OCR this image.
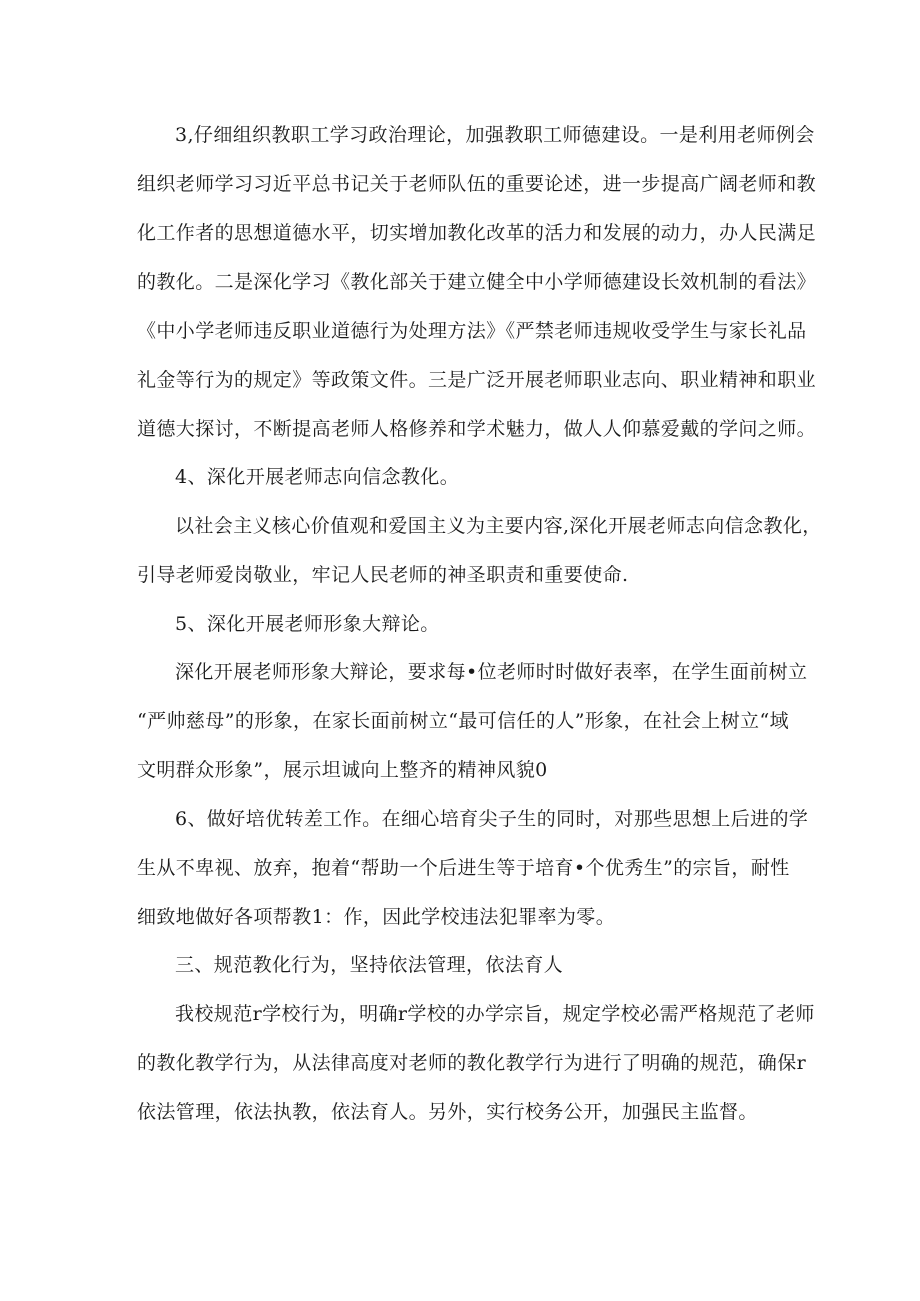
3,仔细组织教职工学习政治理论，加强教职工师德建设。一是利用老师例会

组织老师学习习近平总书记关于老师队伍的重要论述，进一步提高广阔老师和教

化工作者的思想道德水平，切实增加教化改革的活力和发展的动力，办人民满足

的教化。二是深化学习《教化部关于建立健全中小学师德建设长效机制的看法》

《中小学老师违反职业道德行为处理方法》《严禁老师违规收受学生与家长礼品

礼金等行为的规定》等政策文件。三是广泛开展老师职业志向、职业精神和职业

道德大探讨，不断提高老师人格修养和学术魅力，做人人仰慕爱戴的学问之师。

4、深化开展老师志向信念教化。

以社会主义核心价值观和爱国主义为主要内容,深化开展老师志向信念教化，

引导老师爱岗敬业，牢记人民老师的神圣职责和重要使命.

5、深化开展老师形象大辩论。

深化开展老师形象大辩论，要求每•位老师时时做好表率，在学生面前树立

“严帅慈母”的形象，在家长面前树立“最可信任的人”形象，在社会上树立“域

文明群众形象”，展示坦诚向上整齐的精神风貌0

6、做好培优转差工作。在细心培育尖子生的同时，对那些思想上后进的学

生从不卑视、放弃，抱着“帮助一个后进生等于培育•个优秀生”的宗旨，耐性

细致地做好各项帮教1：作，因此学校违法犯罪率为零。

三、规范教化行为，坚持依法管理，依法育人

我校规范r学校行为，明确r学校的办学宗旨，规定学校必需严格规范了老师

的教化教学行为，从法律高度对老师的教化教学行为进行了明确的规范，确保r

依法管理，依法执教，依法育人。另外，实行校务公开，加强民主监督。
